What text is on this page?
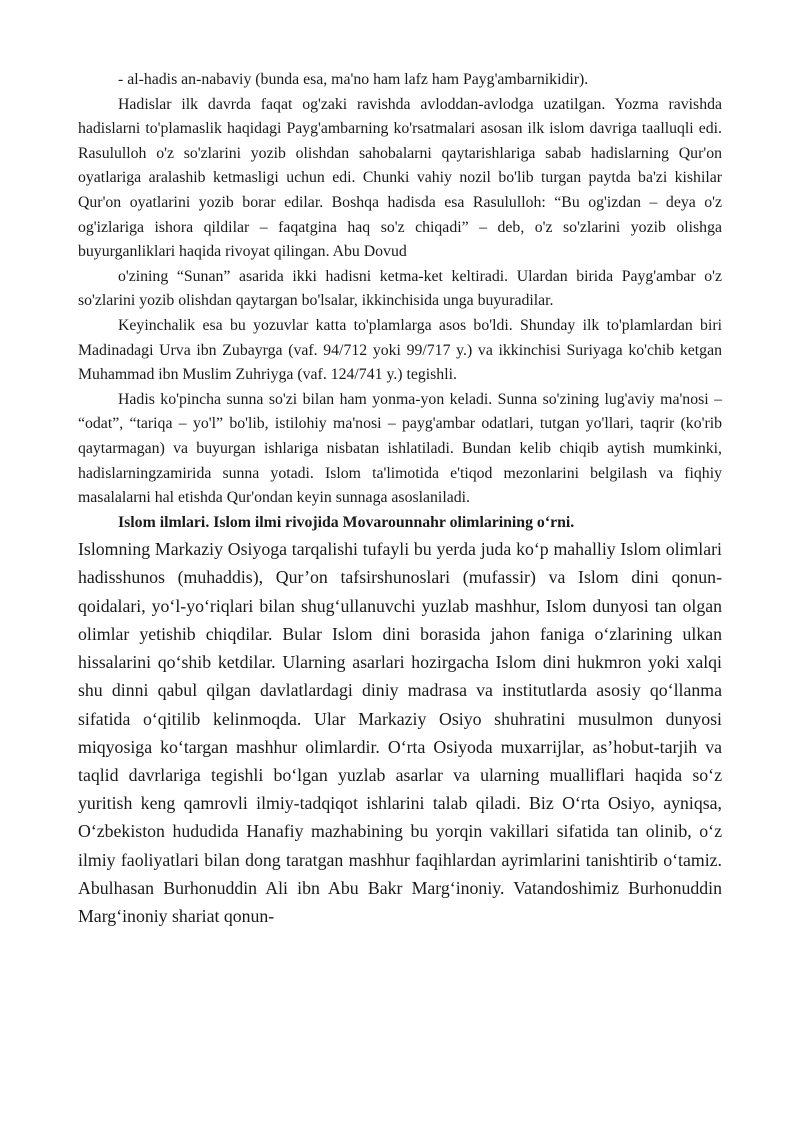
- al-hadis an-nabaviy (bunda esa, ma'no ham lafz ham Payg'ambarnikidir).

Hadislar ilk davrda faqat og'zaki ravishda avloddan-avlodga uzatilgan. Yozma ravishda hadislarni to'plamaslik haqidagi Payg'ambarning ko'rsatmalari asosan ilk islom davriga taalluqli edi. Rasululloh o'z so'zlarini yozib olishdan sahobalarni qaytarishlariga sabab hadislarning Qur'on oyatlariga aralashib ketmasligi uchun edi. Chunki vahiy nozil bo'lib turgan paytda ba'zi kishilar Qur'on oyatlarini yozib borar edilar. Boshqa hadisda esa Rasululloh: “Bu og'izdan – deya o'z og'izlariga ishora qildilar – faqatgina haq so'z chiqadi” – deb, o'z so'zlarini yozib olishga buyurganliklari haqida rivoyat qilingan. Abu Dovud

o'zining “Sunan” asarida ikki hadisni ketma-ket keltiradi. Ulardan birida Payg'ambar o'z so'zlarini yozib olishdan qaytargan bo'lsalar, ikkinchisida unga buyuradilar.

Keyinchalik esa bu yozuvlar katta to'plamlarga asos bo'ldi. Shunday ilk to'plamlardan biri Madinadagi Urva ibn Zubayrga (vaf. 94/712 yoki 99/717 y.) va ikkinchisi Suriyaga ko'chib ketgan Muhammad ibn Muslim Zuhriyga (vaf. 124/741 y.) tegishli.

Hadis ko'pincha sunna so'zi bilan ham yonma-yon keladi. Sunna so'zining lug'aviy ma'nosi – “odat”, “tariqa – yo'l” bo'lib, istilohiy ma'nosi – payg'ambar odatlari, tutgan yo'llari, taqrir (ko'rib qaytarmagan) va buyurgan ishlariga nisbatan ishlatiladi. Bundan kelib chiqib aytish mumkinki, hadislarningzamirida sunna yotadi. Islom ta'limotida e'tiqod mezonlarini belgilash va fiqhiy masalalarni hal etishda Qur'ondan keyin sunnaga asoslaniladi.

Islom ilmlari. Islom ilmi rivojida Movarounnahr olimlarining o‘rni.

Islomning Markaziy Osiyoga tarqalishi tufayli bu yerda juda ko‘p mahalliy Islom olimlari hadisshunos (muhaddis), Qur’on tafsirshunoslari (mufassir) va Islom dini qonun-qoidalari, yo‘l-yo‘riqlari bilan shug‘ullanuvchi yuzlab mashhur, Islom dunyosi tan olgan olimlar yetishib chiqdilar. Bular Islom dini borasida jahon faniga o‘zlarining ulkan hissalarini qo‘shib ketdilar. Ularning asarlari hozirgacha Islom dini hukmron yoki xalqi shu dinni qabul qilgan davlatlardagi diniy madrasa va institutlarda asosiy qo‘llanma sifatida o‘qitilib kelinmoqda. Ular Markaziy Osiyo shuhratini musulmon dunyosi miqyosiga ko‘targan mashhur olimlardir. O‘rta Osiyoda muxarrijlar, as’hobut-tarjih va taqlid davrlariga tegishli bo‘lgan yuzlab asarlar va ularning mualliflari haqida so‘z yuritish keng qamrovli ilmiy-tadqiqot ishlarini talab qiladi. Biz O‘rta Osiyo, ayniqsa, O‘zbekiston hududida Hanafiy mazhabining bu yorqin vakillari sifatida tan olinib, o‘z ilmiy faoliyatlari bilan dong taratgan mashhur faqihlardan ayrimlarini tanishtirib o‘tamiz. Abulhasan Burhonuddin Ali ibn Abu Bakr Marg‘inoniy. Vatandoshimiz Burhonuddin Marg‘inoniy shariat qonun-
